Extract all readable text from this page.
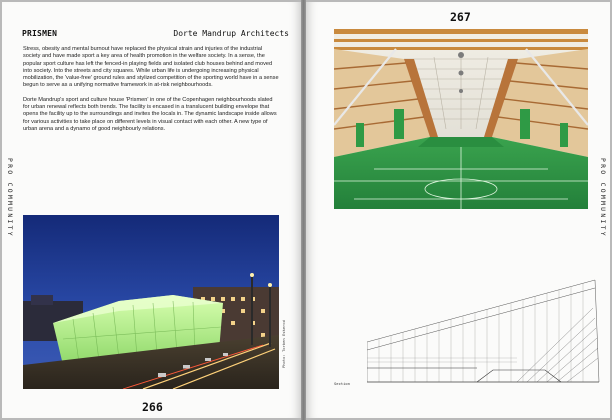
PRISMEN	Dorte Mandrup Architects

Stress, obesity and mental burnout have replaced the physical strain and injuries of the industrial society and have made sport a key area of health promotion in the welfare society. In a sense, the popular sport culture has left the fenced-in playing fields and isolated club houses behind and moved into society. Into the streets and city squares. While urban life is undergoing increasing physical mobilization, the 'value-free' ground rules and stylized competition of the sporting world have in a sense begun to serve as a unifying normative framework in at-risk neighbourhoods.

Dorte Mandrup's sport and culture house 'Prismen' in one of the Copenhagen neighbourhoods slated for urban renewal reflects both trends. The facility is encased in a translucent building envelope that opens the facility up to the surroundings and invites the locals in. The dynamic landscape inside allows for various activities to take place on different levels in visual contact with each other. A new type of urban arena and a dynamo of good neighbourly relations.

PRO COMMUNITY
Photo: Torben Eskerod
266
267
PRO COMMUNITY
Section
